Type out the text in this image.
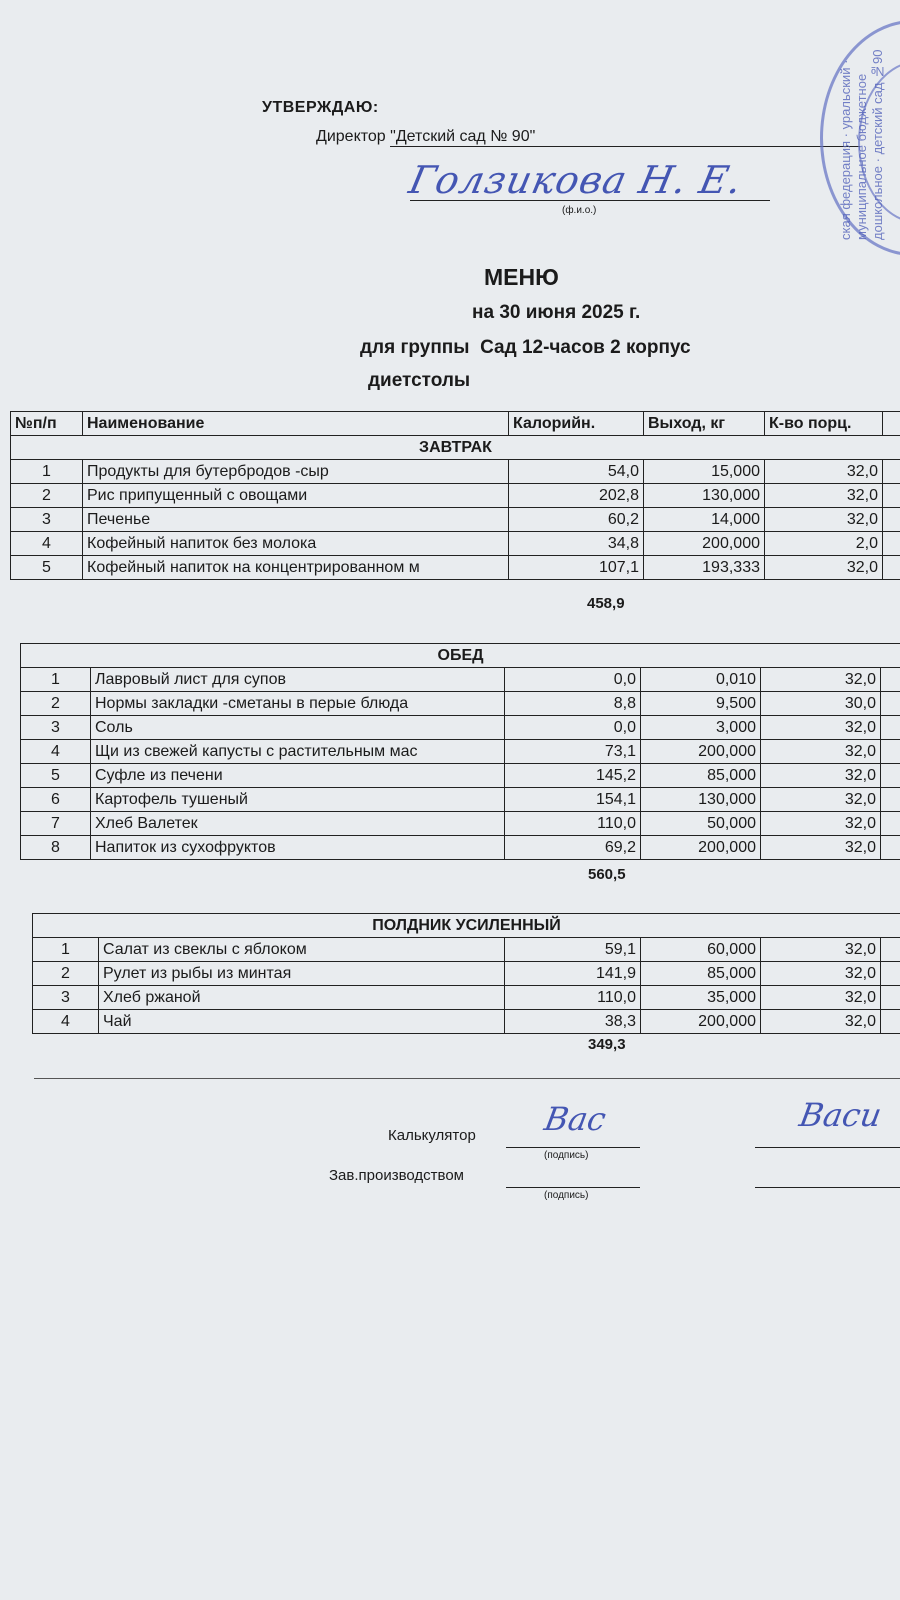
УТВЕРЖДАЮ:
Директор "Детский сад № 90"
Голзикова Н. Е.
(ф.и.о.)	ская федерация · уральский · муниципальное бюджетное дошкольное · детский сад №90
МЕНЮ
на 30 июня 2025 г.
для группы Сад 12-часов 2 корпус
диетстолы
№п/п	Наименование	Калорийн.	Выход, кг	К-во порц.	
ЗАВТРАК					
1	Продукты для бутербродов -сыр	54,0	15,000	32,0	
2	Рис припущенный с овощами	202,8	130,000	32,0	
3	Печенье	60,2	14,000	32,0	
4	Кофейный напиток без молока	34,8	200,000	2,0	
5	Кофейный напиток на концентрированном м	107,1	193,333	32,0	
458,9
ОБЕД					
1	Лавровый лист для супов	0,0	0,010	32,0	
2	Нормы закладки -сметаны в перые блюда	8,8	9,500	30,0	
3	Соль	0,0	3,000	32,0	
4	Щи из свежей капусты с растительным мас	73,1	200,000	32,0	
5	Суфле из печени	145,2	85,000	32,0	
6	Картофель тушеный	154,1	130,000	32,0	
7	Хлеб Валетек	110,0	50,000	32,0	
8	Напиток из сухофруктов	69,2	200,000	32,0	
560,5
ПОЛДНИК УСИЛЕННЫЙ					
1	Салат из свеклы с яблоком	59,1	60,000	32,0	
2	Рулет из рыбы из минтая	141,9	85,000	32,0	
3	Хлеб ржаной	110,0	35,000	32,0	
4	Чай	38,3	200,000	32,0	
349,3
Калькулятор Вас
(подпись)
Васи
Зав.производством
(подпись)
